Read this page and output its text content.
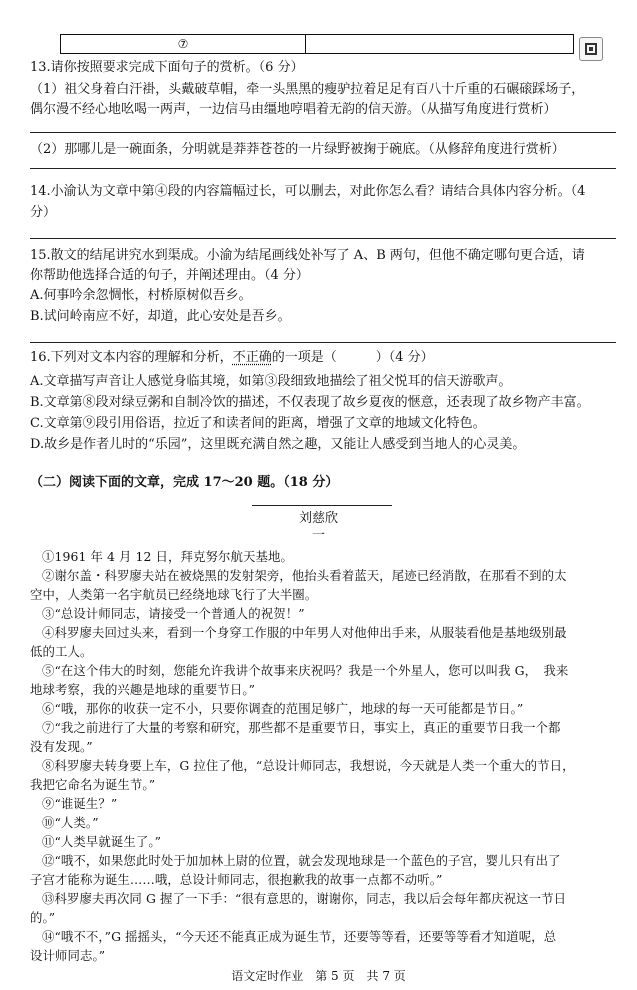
⑦	
13.请你按照要求完成下面句子的赏析。（6 分）
（1）祖父身着白汗褂，头戴破草帽，牵一头黑黑的瘦驴拉着足足有百八十斤重的石碾磙踩场子，
偶尔漫不经心地吆喝一两声，一边信马由缰地哼唱着无韵的信天游。（从描写角度进行赏析）
（2）那哪儿是一碗面条，分明就是莽莽苍苍的一片绿野被掬于碗底。（从修辞角度进行赏析）
14.小渝认为文章中第④段的内容篇幅过长，可以删去，对此你怎么看？请结合具体内容分析。（4
分）
15.散文的结尾讲究水到渠成。小渝为结尾画线处补写了 A、B 两句，但他不确定哪句更合适，请
你帮助他选择合适的句子，并阐述理由。（4 分）
A.何事吟余忽惆怅，村桥原树似吾乡。
B.试问岭南应不好，却道，此心安处是吾乡。
16.下列对文本内容的理解和分析，不正确的一项是（　　　）（4 分）
A.文章描写声音让人感觉身临其境，如第③段细致地描绘了祖父悦耳的信天游歌声。
B.文章第⑧段对绿豆粥和自制冷饮的描述，不仅表现了故乡夏夜的惬意，还表现了故乡物产丰富。
C.文章第⑨段引用俗语，拉近了和读者间的距离，增强了文章的地域文化特色。
D.故乡是作者儿时的“乐园”，这里既充满自然之趣，又能让人感受到当地人的心灵美。
（二）阅读下面的文章，完成 17～20 题。（18 分）
刘慈欣
一
①1961 年 4 月 12 日，拜克努尔航天基地。
②谢尔盖・科罗廖夫站在被烧黑的发射架旁，他抬头看着蓝天，尾迹已经消散，在那看不到的太
空中，人类第一名宇航员已经绕地球飞行了大半圈。
③“总设计师同志，请接受一个普通人的祝贺！”
④科罗廖夫回过头来，看到一个身穿工作服的中年男人对他伸出手来，从服装看他是基地级别最
低的工人。
⑤“在这个伟大的时刻，您能允许我讲个故事来庆祝吗？我是一个外星人，您可以叫我 G，　我来
地球考察，我的兴趣是地球的重要节日。”
⑥“哦，那你的收获一定不小，只要你调查的范围足够广，地球的每一天可能都是节日。”
⑦“我之前进行了大量的考察和研究，那些都不是重要节日，事实上，真正的重要节日我一个都
没有发现。”
⑧科罗廖夫转身要上车，G 拉住了他，“总设计师同志，我想说，今天就是人类一个重大的节日，
我把它命名为诞生节。”
⑨“谁诞生？”
⑩“人类。”
⑪“人类早就诞生了。”
⑫“哦不，如果您此时处于加加林上尉的位置，就会发现地球是一个蓝色的子宫，婴儿只有出了
子宫才能称为诞生……哦，总设计师同志，很抱歉我的故事一点都不动听。”
⑬科罗廖夫再次同 G 握了一下手：“很有意思的，谢谢你，同志，我以后会每年都庆祝这一节日
的。”
⑭“哦不不，”G 摇摇头，“今天还不能真正成为诞生节，还要等等看，还要等等看才知道呢，总
设计师同志。”
语文定时作业　第 5 页　共 7 页
